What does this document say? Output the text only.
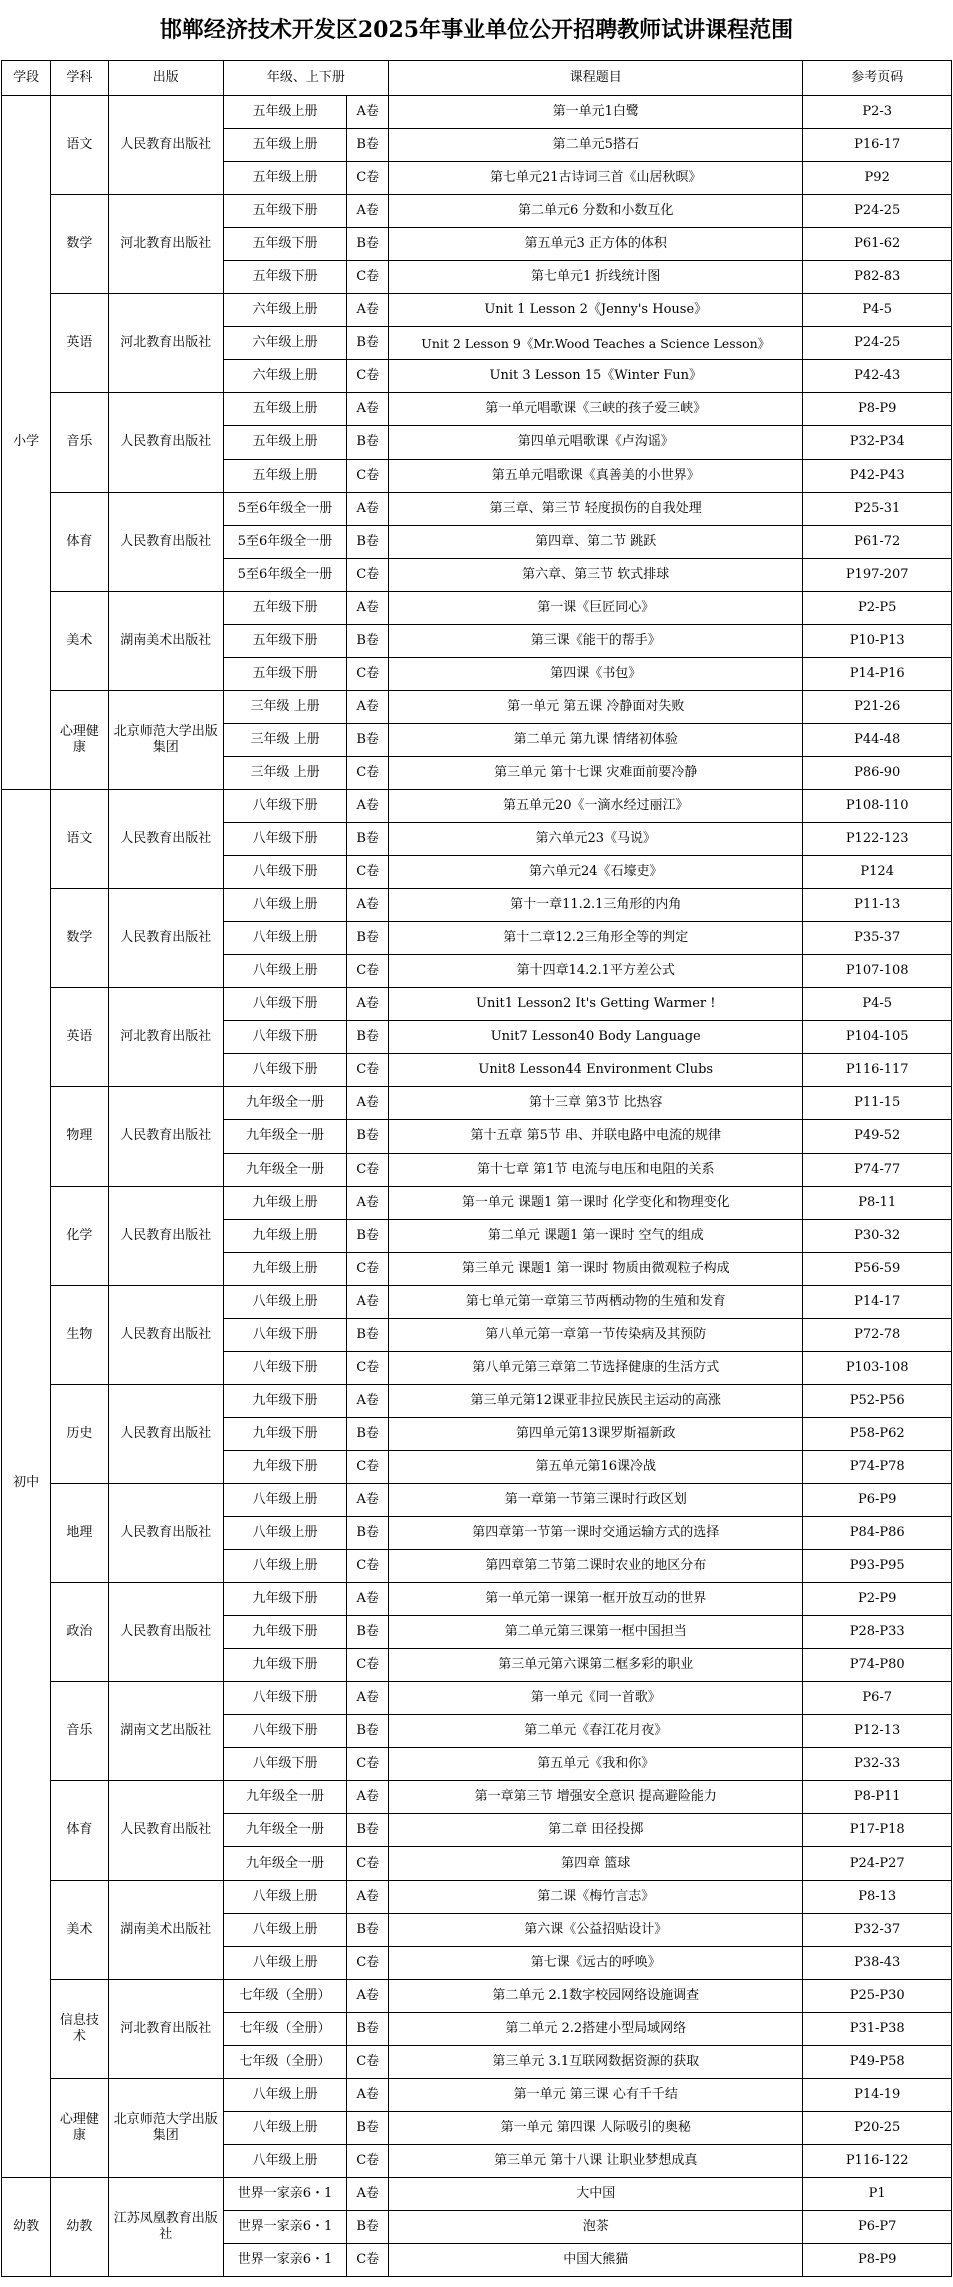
邯郸经济技术开发区2025年事业单位公开招聘教师试讲课程范围
学段	学科	出版	年级、上下册		课程题目	参考页码
小学	语文	人民教育出版社	五年级上册	A卷	第一单元1白鹭	P2-3
			五年级上册	B卷	第二单元5搭石	P16-17
			五年级上册	C卷	第七单元21古诗词三首《山居秋暝》	P92
	数学	河北教育出版社	五年级下册	A卷	第二单元6 分数和小数互化	P24-25
			五年级下册	B卷	第五单元3 正方体的体积	P61-62
			五年级下册	C卷	第七单元1 折线统计图	P82-83
	英语	河北教育出版社	六年级上册	A卷	Unit 1 Lesson 2《Jenny's House》	P4-5
			六年级上册	B卷	Unit 2 Lesson 9《Mr.Wood Teaches a Science Lesson》	P24-25
			六年级上册	C卷	Unit 3 Lesson 15《Winter Fun》	P42-43
	音乐	人民教育出版社	五年级上册	A卷	第一单元唱歌课《三峡的孩子爱三峡》	P8-P9
			五年级上册	B卷	第四单元唱歌课《卢沟谣》	P32-P34
			五年级上册	C卷	第五单元唱歌课《真善美的小世界》	P42-P43
	体育	人民教育出版社	5至6年级全一册	A卷	第三章、第三节 轻度损伤的自我处理	P25-31
			5至6年级全一册	B卷	第四章、第二节 跳跃	P61-72
			5至6年级全一册	C卷	第六章、第三节 软式排球	P197-207
	美术	湖南美术出版社	五年级下册	A卷	第一课《巨匠同心》	P2-P5
			五年级下册	B卷	第三课《能干的帮手》	P10-P13
			五年级下册	C卷	第四课《书包》	P14-P16
	心理健康	北京师范大学出版集团	三年级 上册	A卷	第一单元 第五课 冷静面对失败	P21-26
			三年级 上册	B卷	第二单元 第九课 情绪初体验	P44-48
			三年级 上册	C卷	第三单元 第十七课 灾难面前要冷静	P86-90
初中	语文	人民教育出版社	八年级下册	A卷	第五单元20《一滴水经过丽江》	P108-110
			八年级下册	B卷	第六单元23《马说》	P122-123
			八年级下册	C卷	第六单元24《石壕吏》	P124
	数学	人民教育出版社	八年级上册	A卷	第十一章11.2.1三角形的内角	P11-13
			八年级上册	B卷	第十二章12.2三角形全等的判定	P35-37
			八年级上册	C卷	第十四章14.2.1平方差公式	P107-108
	英语	河北教育出版社	八年级下册	A卷	Unit1 Lesson2 It's Getting Warmer !	P4-5
			八年级下册	B卷	Unit7 Lesson40 Body Language	P104-105
			八年级下册	C卷	Unit8 Lesson44 Environment Clubs	P116-117
	物理	人民教育出版社	九年级全一册	A卷	第十三章 第3节 比热容	P11-15
			九年级全一册	B卷	第十五章 第5节 串、并联电路中电流的规律	P49-52
			九年级全一册	C卷	第十七章 第1节 电流与电压和电阻的关系	P74-77
	化学	人民教育出版社	九年级上册	A卷	第一单元 课题1 第一课时 化学变化和物理变化	P8-11
			九年级上册	B卷	第二单元 课题1 第一课时 空气的组成	P30-32
			九年级上册	C卷	第三单元 课题1 第一课时 物质由微观粒子构成	P56-59
	生物	人民教育出版社	八年级上册	A卷	第七单元第一章第三节两栖动物的生殖和发育	P14-17
			八年级下册	B卷	第八单元第一章第一节传染病及其预防	P72-78
			八年级下册	C卷	第八单元第三章第二节选择健康的生活方式	P103-108
	历史	人民教育出版社	九年级下册	A卷	第三单元第12课亚非拉民族民主运动的高涨	P52-P56
			九年级下册	B卷	第四单元第13课罗斯福新政	P58-P62
			九年级下册	C卷	第五单元第16课冷战	P74-P78
	地理	人民教育出版社	八年级上册	A卷	第一章第一节第三课时行政区划	P6-P9
			八年级上册	B卷	第四章第一节第一课时交通运输方式的选择	P84-P86
			八年级上册	C卷	第四章第二节第二课时农业的地区分布	P93-P95
	政治	人民教育出版社	九年级下册	A卷	第一单元第一课第一框开放互动的世界	P2-P9
			九年级下册	B卷	第二单元第三课第一框中国担当	P28-P33
			九年级下册	C卷	第三单元第六课第二框多彩的职业	P74-P80
	音乐	湖南文艺出版社	八年级下册	A卷	第一单元《同一首歌》	P6-7
			八年级下册	B卷	第二单元《春江花月夜》	P12-13
			八年级下册	C卷	第五单元《我和你》	P32-33
	体育	人民教育出版社	九年级全一册	A卷	第一章第三节 增强安全意识 提高避险能力	P8-P11
			九年级全一册	B卷	第二章 田径投掷	P17-P18
			九年级全一册	C卷	第四章 篮球	P24-P27
	美术	湖南美术出版社	八年级上册	A卷	第二课《梅竹言志》	P8-13
			八年级上册	B卷	第六课《公益招贴设计》	P32-37
			八年级上册	C卷	第七课《远古的呼唤》	P38-43
	信息技术	河北教育出版社	七年级（全册）	A卷	第二单元 2.1数字校园网络设施调查	P25-P30
			七年级（全册）	B卷	第二单元 2.2搭建小型局域网络	P31-P38
			七年级（全册）	C卷	第三单元 3.1互联网数据资源的获取	P49-P58
	心理健康	北京师范大学出版集团	八年级上册	A卷	第一单元 第三课 心有千千结	P14-19
			八年级上册	B卷	第一单元 第四课 人际吸引的奥秘	P20-25
			八年级上册	C卷	第三单元 第十八课 让职业梦想成真	P116-122
幼教	幼教	江苏凤凰教育出版社	世界一家亲6・1	A卷	大中国	P1
			世界一家亲6・1	B卷	泡茶	P6-P7
			世界一家亲6・1	C卷	中国大熊猫	P8-P9
